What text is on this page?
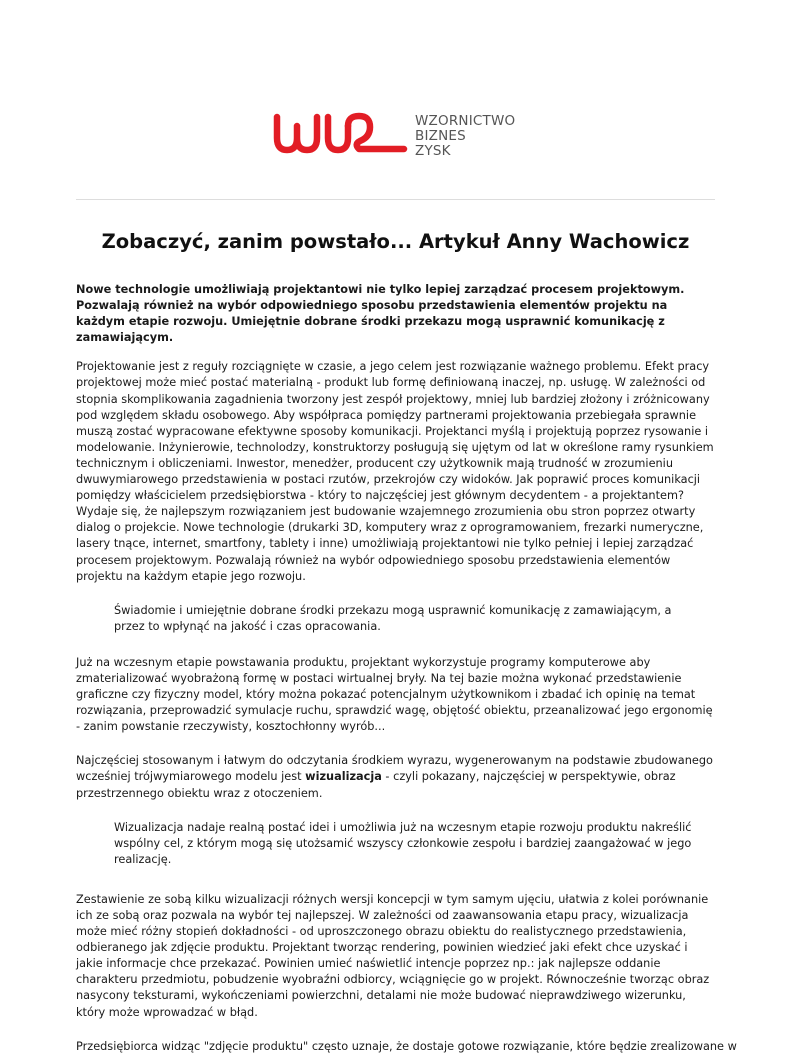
WZORNICTWO
BIZNES
ZYSK
Zobaczyć, zanim powstało... Artykuł Anny Wachowicz

Nowe technologie umożliwiają projektantowi nie tylko lepiej zarządzać procesem projektowym. Pozwalają również na wybór odpowiedniego sposobu przedstawienia elementów projektu na każdym etapie rozwoju. Umiejętnie dobrane środki przekazu mogą usprawnić komunikację z zamawiającym.

Projektowanie jest z reguły rozciągnięte w czasie, a jego celem jest rozwiązanie ważnego problemu. Efekt pracy projektowej może mieć postać materialną - produkt lub formę definiowaną inaczej, np. usługę. W zależności od stopnia skomplikowania zagadnienia tworzony jest zespół projektowy, mniej lub bardziej złożony i zróżnicowany pod względem składu osobowego. Aby współpraca pomiędzy partnerami projektowania przebiegała sprawnie muszą zostać wypracowane efektywne sposoby komunikacji. Projektanci myślą i projektują poprzez rysowanie i modelowanie. Inżynierowie, technolodzy, konstruktorzy posługują się ujętym od lat w określone ramy rysunkiem technicznym i obliczeniami. Inwestor, menedżer, producent czy użytkownik mają trudność w zrozumieniu dwuwymiarowego przedstawienia w postaci rzutów, przekrojów czy widoków. Jak poprawić proces komunikacji pomiędzy właścicielem przedsiębiorstwa - który to najczęściej jest głównym decydentem - a projektantem? Wydaje się, że najlepszym rozwiązaniem jest budowanie wzajemnego zrozumienia obu stron poprzez otwarty dialog o projekcie. Nowe technologie (drukarki 3D, komputery wraz z oprogramowaniem, frezarki numeryczne, lasery tnące, internet, smartfony, tablety i inne) umożliwiają projektantowi nie tylko pełniej i lepiej zarządzać procesem projektowym. Pozwalają również na wybór odpowiedniego sposobu przedstawienia elementów projektu na każdym etapie jego rozwoju.

Świadomie i umiejętnie dobrane środki przekazu mogą usprawnić komunikację z zamawiającym, a przez to wpłynąć na jakość i czas opracowania.

Już na wczesnym etapie powstawania produktu, projektant wykorzystuje programy komputerowe aby zmaterializować wyobrażoną formę w postaci wirtualnej bryły. Na tej bazie można wykonać przedstawienie graficzne czy fizyczny model, który można pokazać potencjalnym użytkownikom i zbadać ich opinię na temat rozwiązania, przeprowadzić symulacje ruchu, sprawdzić wagę, objętość obiektu, przeanalizować jego ergonomię - zanim powstanie rzeczywisty, kosztochłonny wyrób...

Najczęściej stosowanym i łatwym do odczytania środkiem wyrazu, wygenerowanym na podstawie zbudowanego wcześniej trójwymiarowego modelu jest wizualizacja - czyli pokazany, najczęściej w perspektywie, obraz przestrzennego obiektu wraz z otoczeniem.

Wizualizacja nadaje realną postać idei i umożliwia już na wczesnym etapie rozwoju produktu nakreślić wspólny cel, z którym mogą się utożsamić wszyscy członkowie zespołu i bardziej zaangażować w jego realizację.

Zestawienie ze sobą kilku wizualizacji różnych wersji koncepcji w tym samym ujęciu, ułatwia z kolei porównanie ich ze sobą oraz pozwala na wybór tej najlepszej. W zależności od zaawansowania etapu pracy, wizualizacja może mieć różny stopień dokładności - od uproszczonego obrazu obiektu do realistycznego przedstawienia, odbieranego jak zdjęcie produktu. Projektant tworząc rendering, powinien wiedzieć jaki efekt chce uzyskać i jakie informacje chce przekazać. Powinien umieć naświetlić intencje poprzez np.: jak najlepsze oddanie charakteru przedmiotu, pobudzenie wyobraźni odbiorcy, wciągnięcie go w projekt. Równocześnie tworząc obraz nasycony teksturami, wykończeniami powierzchni, detalami nie może budować nieprawdziwego wizerunku, który może wprowadzać w błąd.

Przedsiębiorca widząc "zdjęcie produktu" często uznaje, że dostaje gotowe rozwiązanie, które będzie zrealizowane w
